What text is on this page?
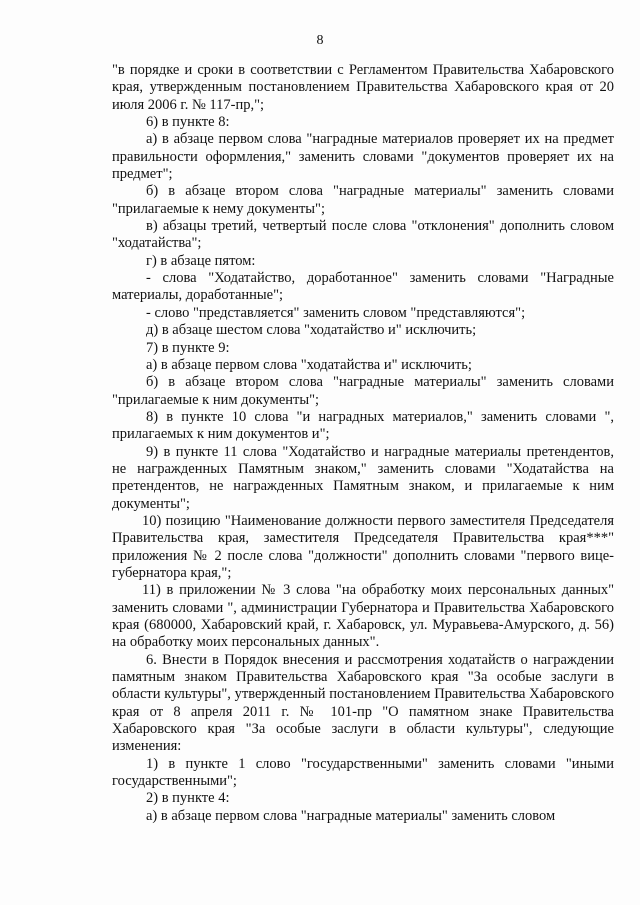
8

"в порядке и сроки в соответствии с Регламентом Правительства Хабаровского края, утвержденным постановлением Правительства Хабаровского края от 20 июля 2006 г. № 117-пр,";

6) в пункте 8:

а) в абзаце первом слова "наградные материалов проверяет их на предмет правильности оформления," заменить словами "документов проверяет их на предмет";

б) в абзаце втором слова "наградные материалы" заменить словами "прилагаемые к нему документы";

в) абзацы третий, четвертый после слова "отклонения" дополнить словом "ходатайства";

г) в абзаце пятом:

- слова "Ходатайство, доработанное" заменить словами "Наградные материалы, доработанные";

- слово "представляется" заменить словом "представляются";

д) в абзаце шестом слова "ходатайство и" исключить;

7) в пункте 9:

а) в абзаце первом слова "ходатайства и" исключить;

б) в абзаце втором слова "наградные материалы" заменить словами "прилагаемые к ним документы";

8) в пункте 10 слова "и наградных материалов," заменить словами ", прилагаемых к ним документов и";

9) в пункте 11 слова "Ходатайство и наградные материалы претендентов, не награжденных Памятным знаком," заменить словами "Ходатайства на претендентов, не награжденных Памятным знаком, и прилагаемые к ним документы";

10) позицию "Наименование должности первого заместителя Председателя Правительства края, заместителя Председателя Правительства края***" приложения № 2 после слова "должности" дополнить словами "первого вице-губернатора края,";

11) в приложении № 3 слова "на обработку моих персональных данных" заменить словами ", администрации Губернатора и Правительства Хабаровского края (680000, Хабаровский край, г. Хабаровск, ул. Муравьева-Амурского, д. 56) на обработку моих персональных данных".

6. Внести в Порядок внесения и рассмотрения ходатайств о награждении памятным знаком Правительства Хабаровского края "За особые заслуги в области культуры", утвержденный постановлением Правительства Хабаровского края от 8 апреля 2011 г. № 101-пр "О памятном знаке Правительства Хабаровского края "За особые заслуги в области культуры", следующие изменения:

1) в пункте 1 слово "государственными" заменить словами "иными государственными";

2) в пункте 4:

а) в абзаце первом слова "наградные материалы" заменить словом
